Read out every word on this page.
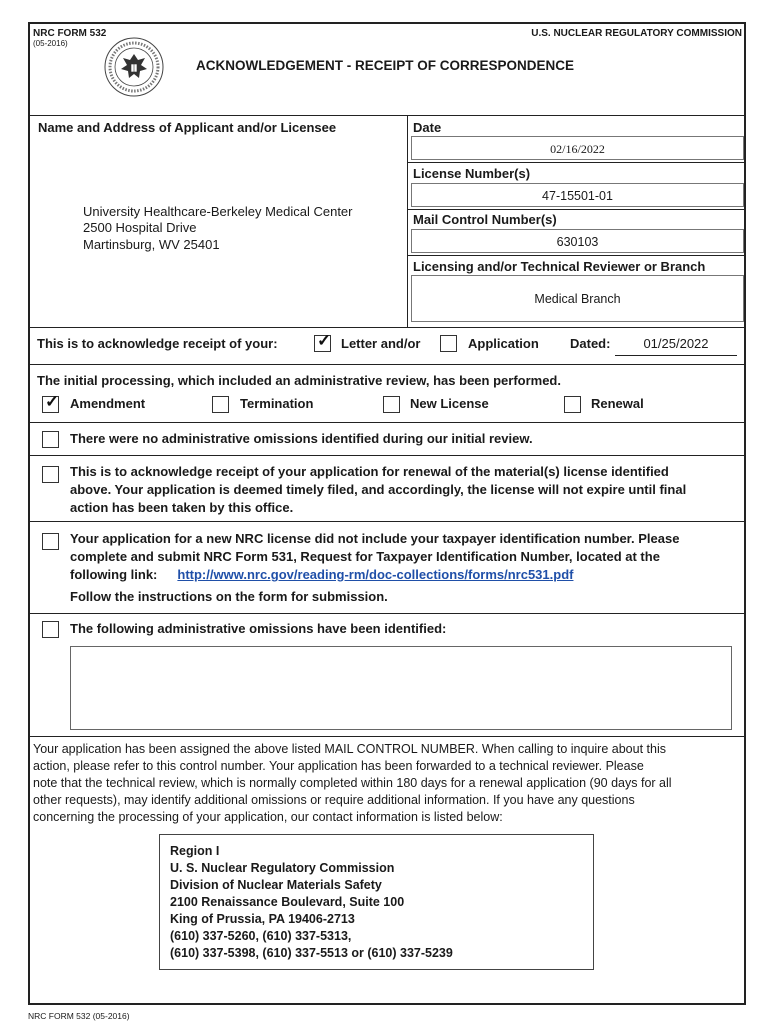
NRC FORM 532
(05-2016)
U.S. NUCLEAR REGULATORY COMMISSION
ACKNOWLEDGEMENT - RECEIPT OF CORRESPONDENCE
Name and Address of Applicant and/or Licensee
University Healthcare-Berkeley Medical Center
2500 Hospital Drive
Martinsburg, WV 25401
Date
02/16/2022
License Number(s)
47-15501-01
Mail Control Number(s)
630103
Licensing and/or Technical Reviewer or Branch
Medical Branch
This is to acknowledge receipt of your: ✓ Letter and/or	Application Dated:	01/25/2022
The initial processing, which included an administrative review, has been performed.
✓ Amendment	Termination	New License	Renewal
There were no administrative omissions identified during our initial review.
This is to acknowledge receipt of your application for renewal of the material(s) license identified
above. Your application is deemed timely filed, and accordingly, the license will not expire until final
action has been taken by this office.
Your application for a new NRC license did not include your taxpayer identification number. Please
complete and submit NRC Form 531, Request for Taxpayer Identification Number, located at the
following link: http://www.nrc.gov/reading-rm/doc-collections/forms/nrc531.pdf
Follow the instructions on the form for submission.
The following administrative omissions have been identified:
Your application has been assigned the above listed MAIL CONTROL NUMBER. When calling to inquire about this
action, please refer to this control number. Your application has been forwarded to a technical reviewer. Please
note that the technical review, which is normally completed within 180 days for a renewal application (90 days for all
other requests), may identify additional omissions or require additional information. If you have any questions
concerning the processing of your application, our contact information is listed below:
Region I
U. S. Nuclear Regulatory Commission
Division of Nuclear Materials Safety
2100 Renaissance Boulevard, Suite 100
King of Prussia, PA 19406-2713
(610) 337-5260, (610) 337-5313,
(610) 337-5398, (610) 337-5513 or (610) 337-5239
NRC FORM 532 (05-2016)
